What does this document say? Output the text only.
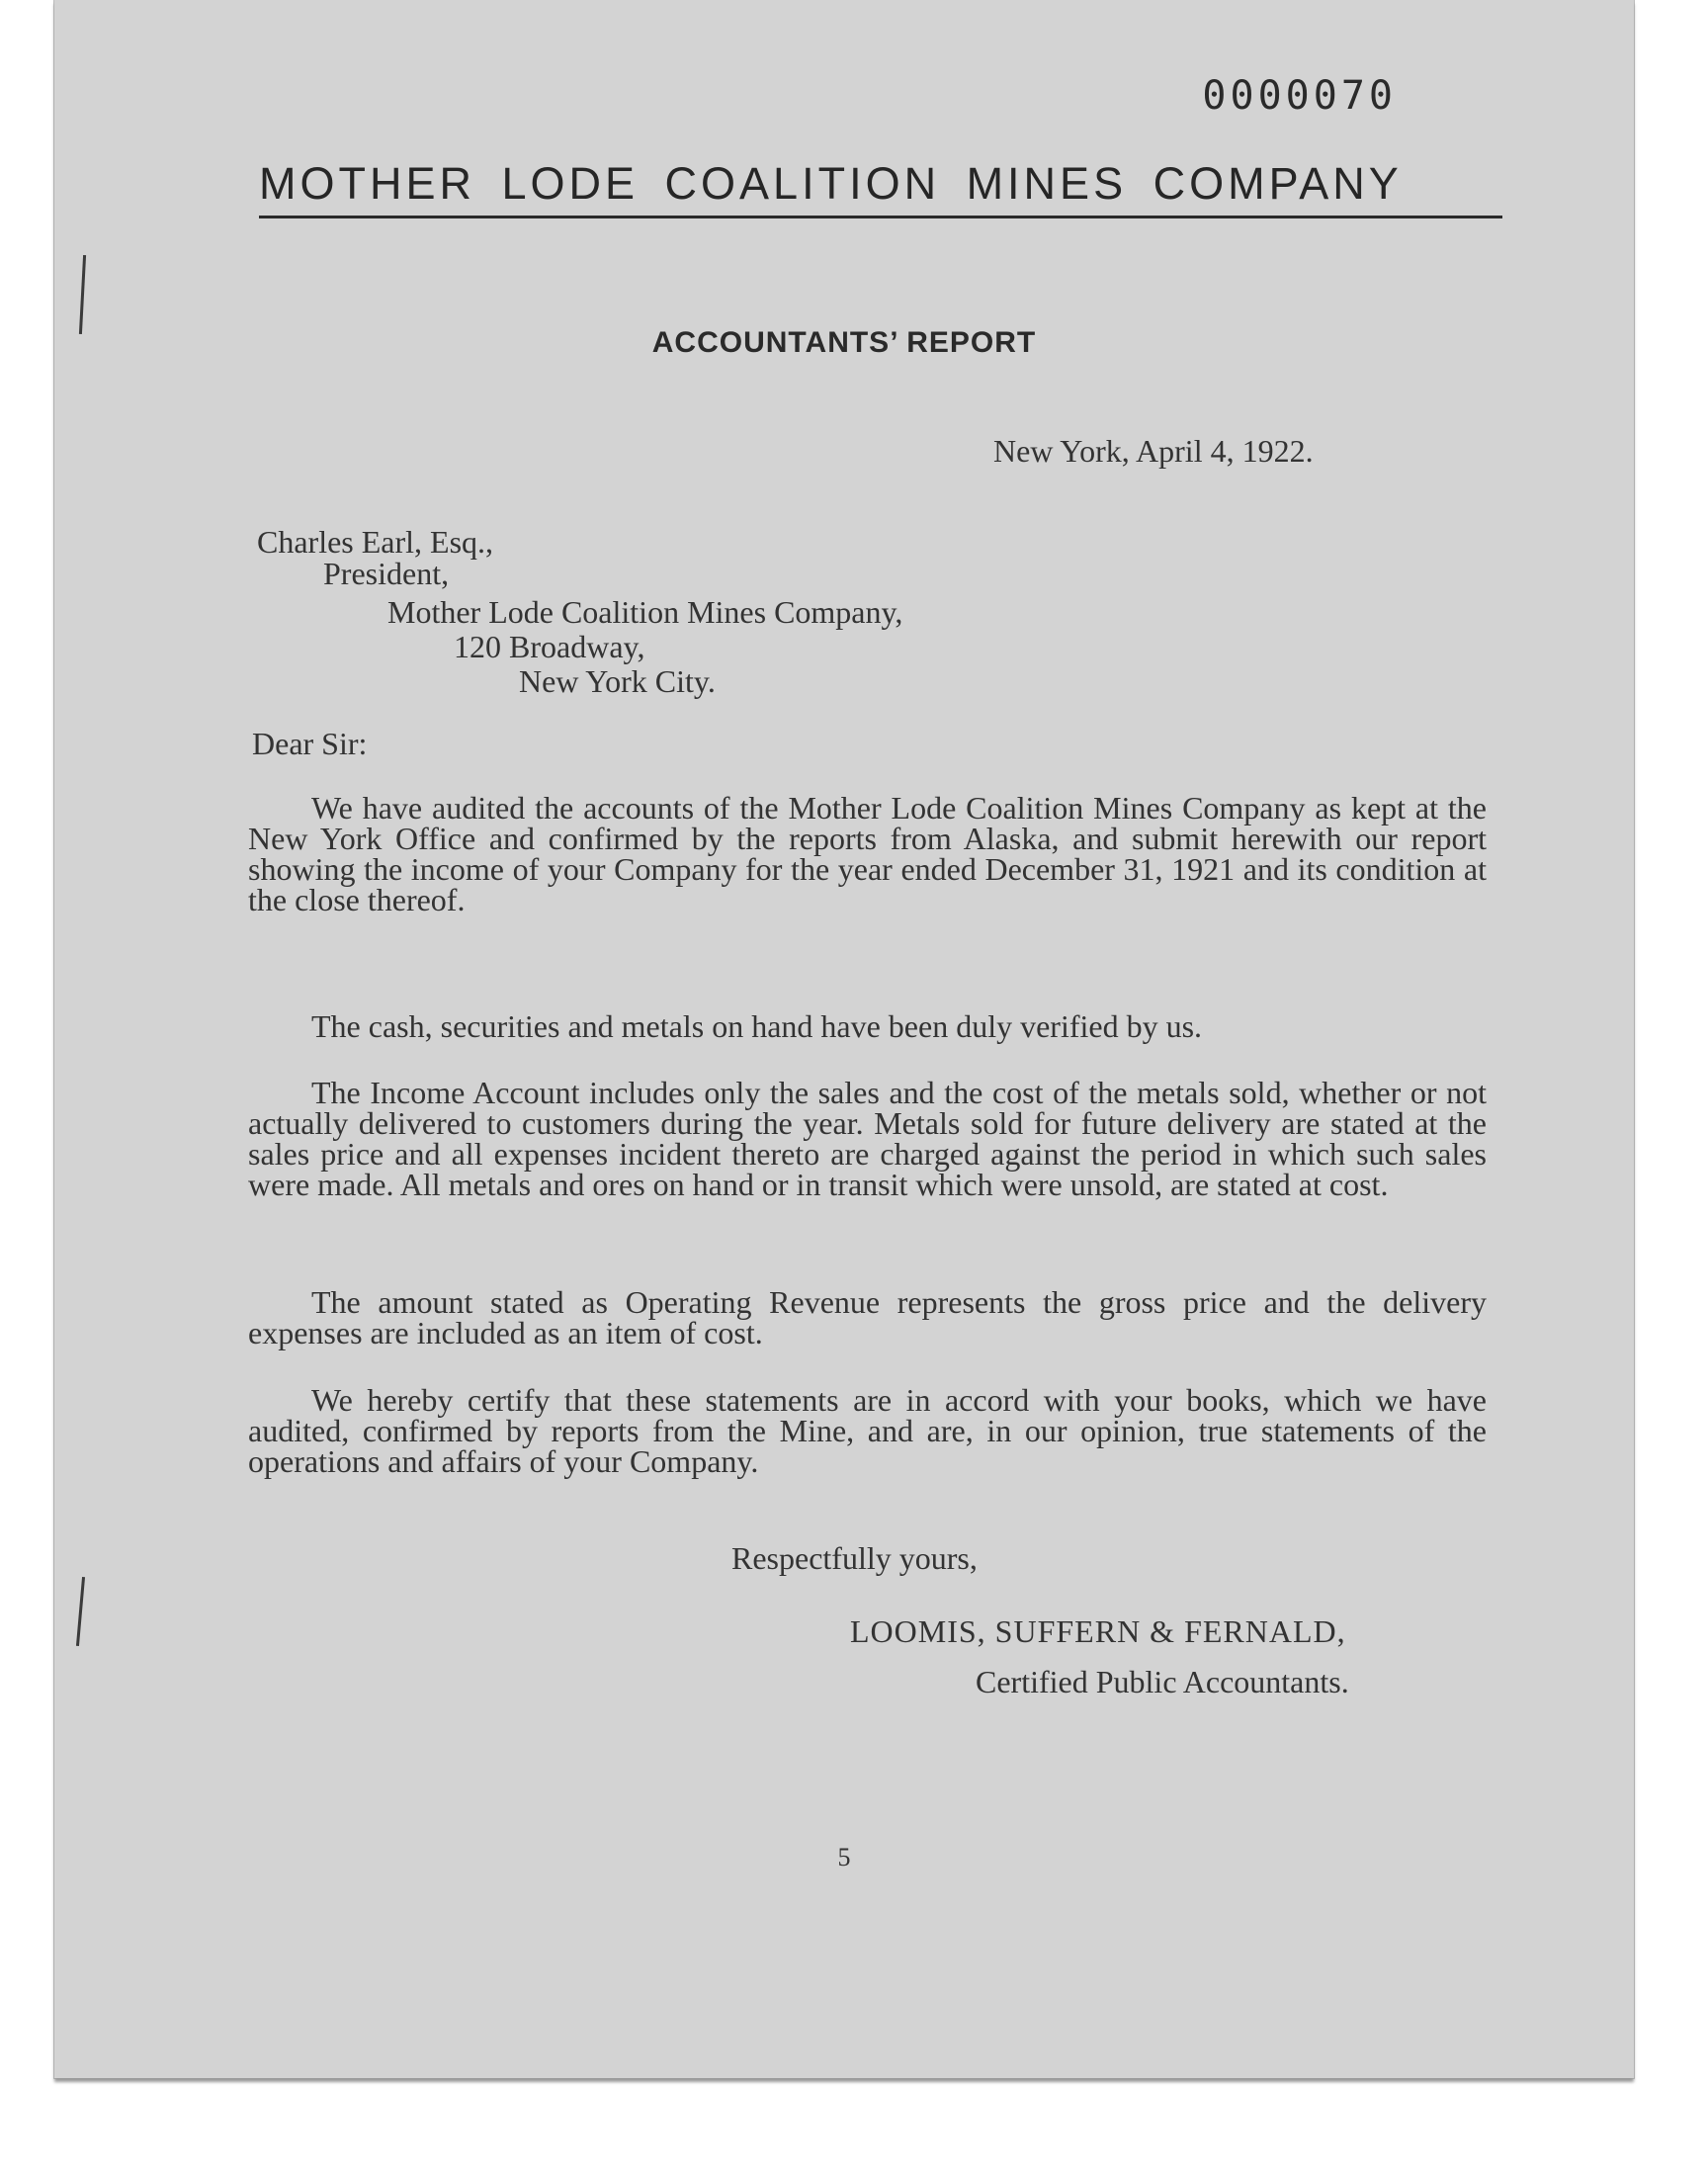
0000070
MOTHER LODE COALITION MINES COMPANY
ACCOUNTANTS’ REPORT
New York, April 4, 1922.
Charles Earl, Esq.,
President,
Mother Lode Coalition Mines Company,
120 Broadway,
New York City.
Dear Sir:

We have audited the accounts of the Mother Lode Coalition Mines Company as kept at the New York Office and confirmed by the reports from Alaska, and submit herewith our report showing the income of your Company for the year ended December 31, 1921 and its condition at the close thereof.

The cash, securities and metals on hand have been duly verified by us.

The Income Account includes only the sales and the cost of the metals sold, whether or not actually delivered to customers during the year. Metals sold for future delivery are stated at the sales price and all expenses incident thereto are charged against the period in which such sales were made. All metals and ores on hand or in transit which were unsold, are stated at cost.

The amount stated as Operating Revenue represents the gross price and the delivery expenses are included as an item of cost.

We hereby certify that these statements are in accord with your books, which we have audited, confirmed by reports from the Mine, and are, in our opinion, true statements of the operations and affairs of your Company.

Respectfully yours,
LOOMIS, SUFFERN & FERNALD,
Certified Public Accountants.
5
